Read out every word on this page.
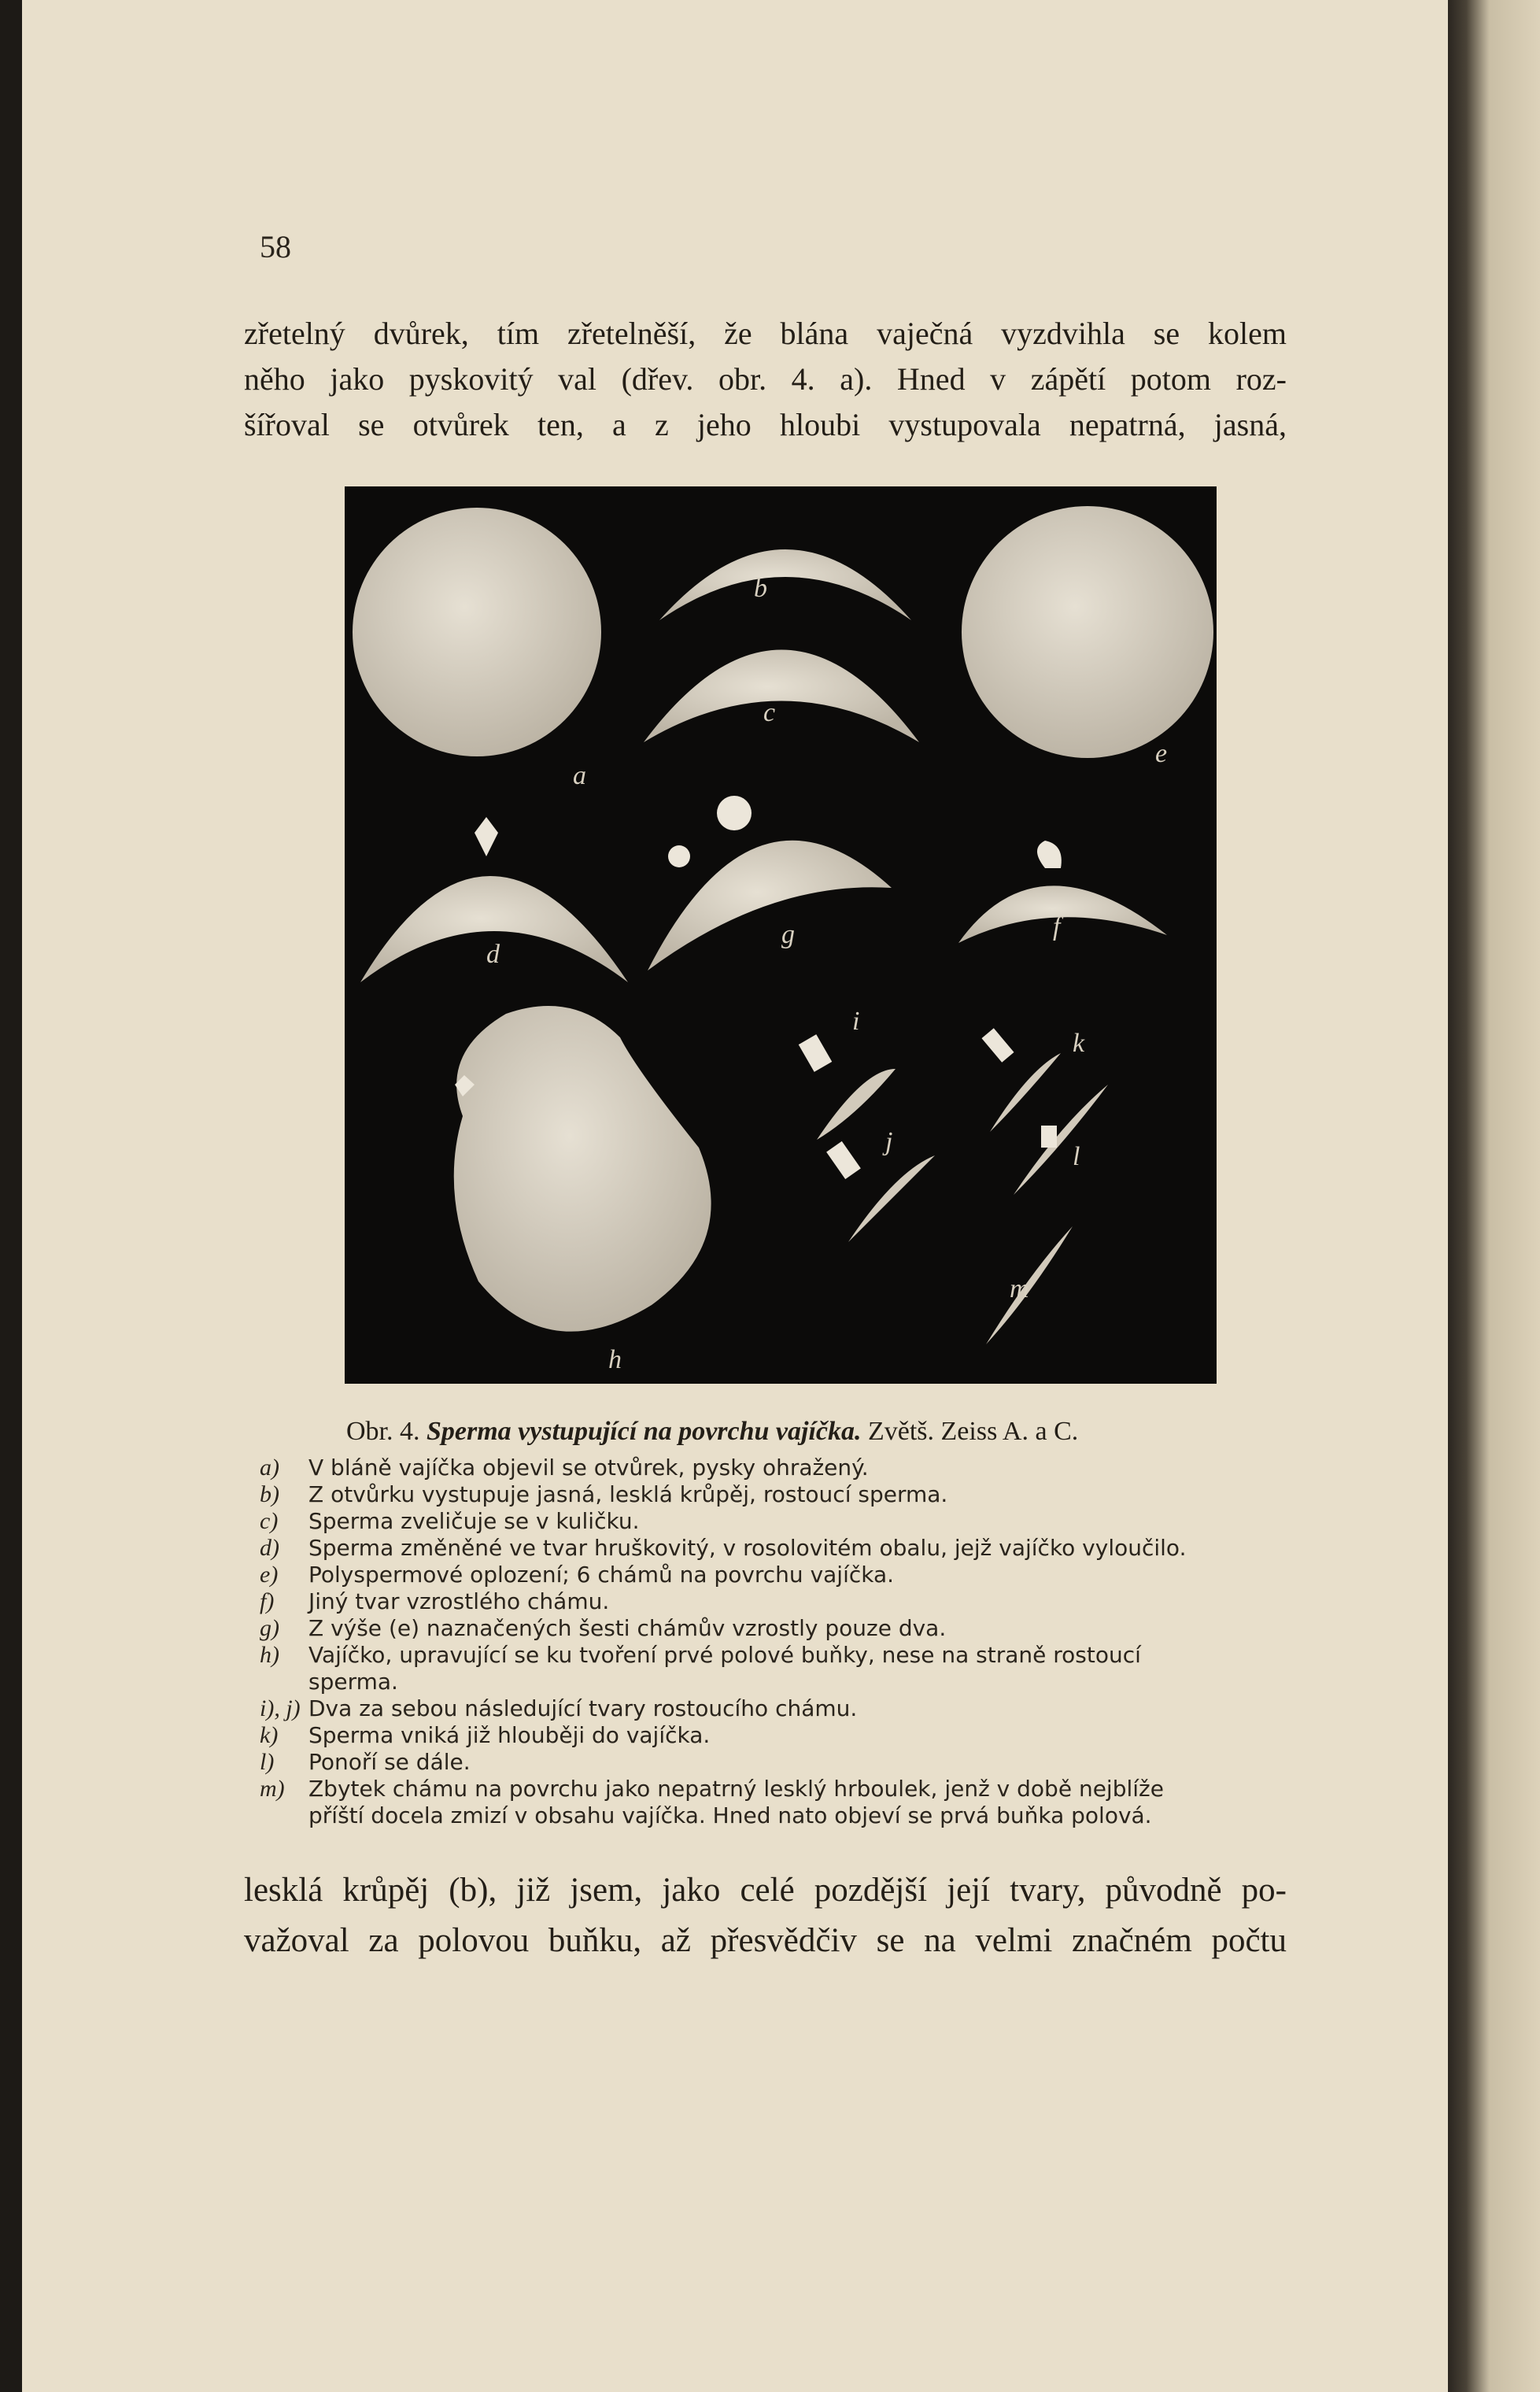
58
zřetelný dvůrek, tím zřetelněší, že blána vaječná vyzdvihla se kolem
něho jako pyskovitý val (dřev. obr. 4. a). Hned v zápětí potom roz-
šířoval se otvůrek ten, a z jeho hloubi vystupovala nepatrná, jasná,
a
b
c
d
e
f
g
h
i
j
k
l
m
Obr. 4. Sperma vystupující na povrchu vajíčka. Zvětš. Zeiss A. a C.
a)	V bláně vajíčka objevil se otvůrek, pysky ohražený.
b)	Z otvůrku vystupuje jasná, lesklá krůpěj, rostoucí sperma.
c)	Sperma zveličuje se v kuličku.
d)	Sperma změněné ve tvar hruškovitý, v rosolovitém obalu, jejž vajíčko vyloučilo.
e)	Polyspermové oplození; 6 chámů na povrchu vajíčka.
f)	Jiný tvar vzrostlého chámu.
g)	Z výše (e) naznačených šesti chámův vzrostly pouze dva.
h)	Vajíčko, upravující se ku tvoření prvé polové buňky, nese na straně rostoucí
sperma.
i), j) Dva za sebou následující tvary rostoucího chámu.
k)	Sperma vniká již hlouběji do vajíčka.
l)	Ponoří se dále.
m)	Zbytek chámu na povrchu jako nepatrný lesklý hrboulek, jenž v době nejblíže
příští docela zmizí v obsahu vajíčka. Hned nato objeví se prvá buňka polová.
lesklá krůpěj (b), již jsem, jako celé pozdější její tvary, původně po-
važoval za polovou buňku, až přesvědčiv se na velmi značném počtu
